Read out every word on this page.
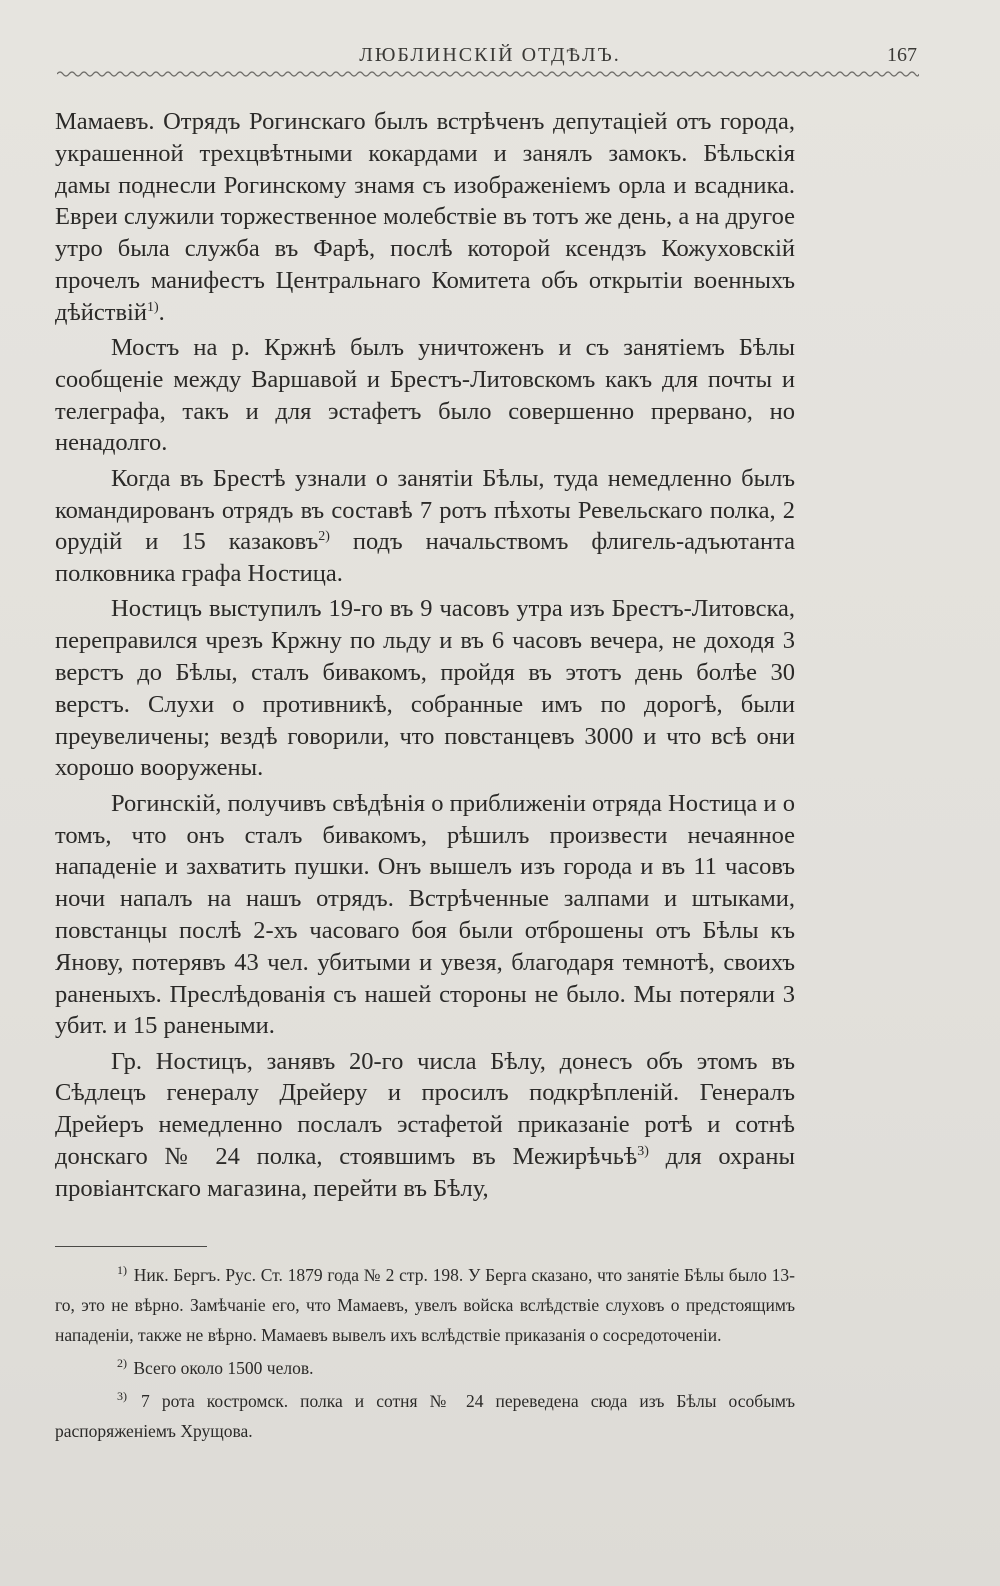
ЛЮБЛИНСКІЙ ОТДѢЛЪ.	167

Мамаевъ. Отрядъ Рогинскаго былъ встрѣченъ депутаціей отъ города, украшенной трехцвѣтными кокардами и занялъ замокъ. Бѣльскія дамы поднесли Рогинскому знамя съ изображеніемъ орла и всадника. Евреи служили торжественное молебствіе въ тотъ же день, а на другое утро была служба въ Фарѣ, послѣ которой ксендзъ Кожуховскій прочелъ манифестъ Центральнаго Комитета объ открытіи военныхъ дѣйствій$^{1)}$.

Мостъ на р. Кржнѣ былъ уничтоженъ и съ занятіемъ Бѣлы сообщеніе между Варшавой и Брестъ-Литовскомъ какъ для почты и телеграфа, такъ и для эстафетъ было совершенно прервано, но ненадолго.

Когда въ Брестѣ узнали о занятіи Бѣлы, туда немедленно былъ командированъ отрядъ въ составѣ 7 ротъ пѣхоты Ревельскаго полка, 2 орудій и 15 казаковъ$^{2)}$ подъ начальствомъ флигель-адъютанта полковника графа Ностица.

Ностицъ выступилъ 19-го въ 9 часовъ утра изъ Брестъ-Литовска, переправился чрезъ Кржну по льду и въ 6 часовъ вечера, не доходя 3 верстъ до Бѣлы, сталъ бивакомъ, пройдя въ этотъ день болѣе 30 верстъ. Слухи о противникѣ, собранные имъ по дорогѣ, были преувеличены; вездѣ говорили, что повстанцевъ 3000 и что всѣ они хорошо вооружены.

Рогинскій, получивъ свѣдѣнія о приближеніи отряда Ностица и о томъ, что онъ сталъ бивакомъ, рѣшилъ произвести нечаянное нападеніе и захватить пушки. Онъ вышелъ изъ города и въ 11 часовъ ночи напалъ на нашъ отрядъ. Встрѣченные залпами и штыками, повстанцы послѣ 2-хъ часоваго боя были отброшены отъ Бѣлы къ Янову, потерявъ 43 чел. убитыми и увезя, благодаря темнотѣ, своихъ раненыхъ. Преслѣдованія съ нашей стороны не было. Мы потеряли 3 убит. и 15 ранеными.

Гр. Ностицъ, занявъ 20-го числа Бѣлу, донесъ объ этомъ въ Сѣдлецъ генералу Дрейеру и просилъ подкрѣпленій. Генералъ Дрейеръ немедленно послалъ эстафетой приказаніе ротѣ и сотнѣ донскаго № 24 полка, стоявшимъ въ Межирѣчьѣ$^{3)}$ для охраны провіантскаго магазина, перейти въ Бѣлу,

$^{1)}$ Ник. Бергъ. Рус. Ст. 1879 года № 2 стр. 198. У Берга сказано, что занятіе Бѣлы было 13-го, это не вѣрно. Замѣчаніе его, что Мамаевъ, увелъ войска вслѣдствіе слуховъ о предстоящимъ нападеніи, также не вѣрно. Мамаевъ вывелъ ихъ вслѣдствіе приказанія о сосредоточеніи.

$^{2)}$ Всего около 1500 челов.

$^{3)}$ 7 рота костромск. полка и сотня № 24 переведена сюда изъ Бѣлы особымъ распоряженіемъ Хрущова.
